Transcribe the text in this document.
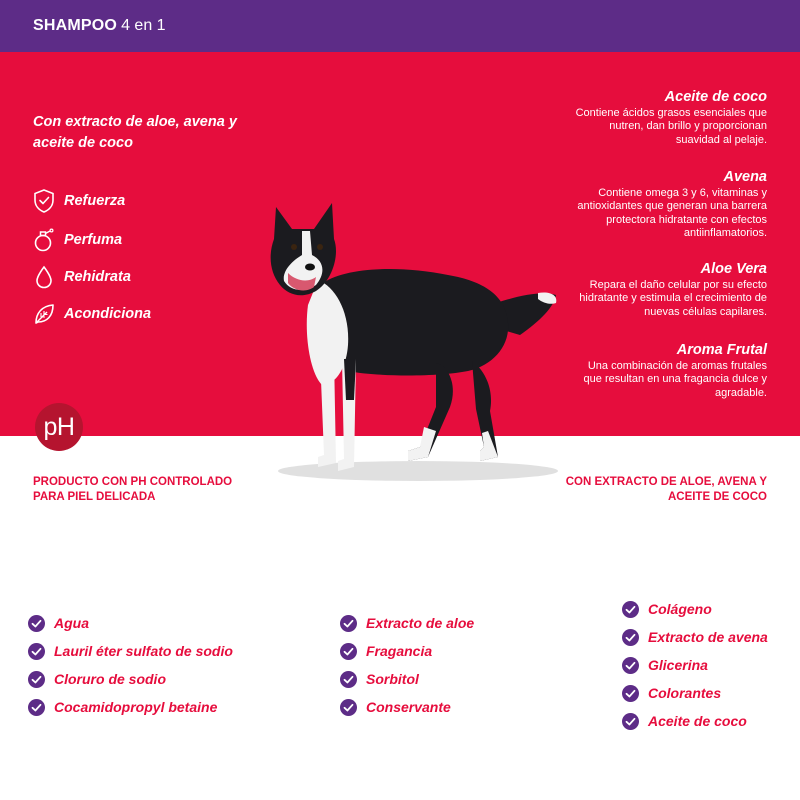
SHAMPOO 4 en 1
Con extracto de aloe, avena y aceite de coco
Refuerza
Perfuma
Rehidrata
Acondiciona
pH
Aceite de coco
Contiene ácidos grasos esenciales que nutren, dan brillo y proporcionan suavidad al pelaje.
Avena
Contiene omega 3 y 6, vitaminas y antioxidantes que generan una barrera protectora hidratante con efectos antiinflamatorios.
Aloe Vera
Repara el daño celular por su efecto hidratante y estimula el crecimiento de nuevas células capilares.
Aroma Frutal
Una combinación de aromas frutales que resultan en una fragancia dulce y agradable.
PRODUCTO CON PH CONTROLADO PARA PIEL DELICADA
CON EXTRACTO DE ALOE, AVENA Y ACEITE DE COCO
Agua
Lauril éter sulfato de sodio
Cloruro de sodio
Cocamidopropyl betaine
Extracto de aloe
Fragancia
Sorbitol
Conservante
Colágeno
Extracto de avena
Glicerina
Colorantes
Aceite de coco
